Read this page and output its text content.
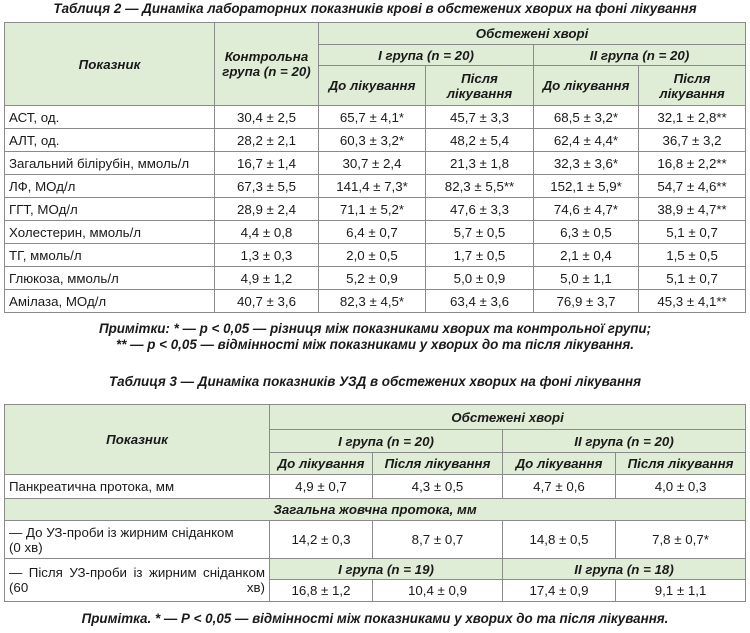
Таблиця 2 — Динаміка лабораторних показників крові в обстежених хворих на фоні лікування
Показник	Контрольна група (n = 20)	Обстежені хворі			
		I група (n = 20)		II група (n = 20)	
		До лікування	Після лікування	До лікування	Після лікування
АСТ, од.	30,4 ± 2,5	65,7 ± 4,1*	45,7 ± 3,3	68,5 ± 3,2*	32,1 ± 2,8**
АЛТ, од.	28,2 ± 2,1	60,3 ± 3,2*	48,2 ± 5,4	62,4 ± 4,4*	36,7 ± 3,2
Загальний білірубін, ммоль/л	16,7 ± 1,4	30,7 ± 2,4	21,3 ± 1,8	32,3 ± 3,6*	16,8 ± 2,2**
ЛФ, МОд/л	67,3 ± 5,5	141,4 ± 7,3*	82,3 ± 5,5**	152,1 ± 5,9*	54,7 ± 4,6**
ГГТ, МОд/л	28,9 ± 2,4	71,1 ± 5,2*	47,6 ± 3,3	74,6 ± 4,7*	38,9 ± 4,7**
Холестерин, ммоль/л	4,4 ± 0,8	6,4 ± 0,7	5,7 ± 0,5	6,3 ± 0,5	5,1 ± 0,7
ТГ, ммоль/л	1,3 ± 0,3	2,0 ± 0,5	1,7 ± 0,5	2,1 ± 0,4	1,5 ± 0,5
Глюкоза, ммоль/л	4,9 ± 1,2	5,2 ± 0,9	5,0 ± 0,9	5,0 ± 1,1	5,1 ± 0,7
Амілаза, МОд/л	40,7 ± 3,6	82,3 ± 4,5*	63,4 ± 3,6	76,9 ± 3,7	45,3 ± 4,1**
Примітки: * — р < 0,05 — різниця між показниками хворих та контрольної групи;
** — р < 0,05 — відмінності між показниками у хворих до та після лікування.
Таблиця 3 — Динаміка показників УЗД в обстежених хворих на фоні лікування
Показник	Обстежені хворі			
	I група (n = 20)		II група (n = 20)	
	До лікування	Після лікування	До лікування	Після лікування
Панкреатична протока, мм	4,9 ± 0,7	4,3 ± 0,5	4,7 ± 0,6	4,0 ± 0,3
Загальна жовчна протока, мм				

— До УЗ-проби із жирним сніданком
(0 хв)	14,2 ± 0,3	8,7 ± 0,7	14,8 ± 0,5	7,8 ± 0,7*

— Після УЗ-проби із жирним сніданком (60 хв)	I група (n = 19)		II група (n = 18)	
	16,8 ± 1,2	10,4 ± 0,9	17,4 ± 0,9	9,1 ± 1,1
Примітка. * — Р < 0,05 — відмінності між показниками у хворих до та після лікування.
